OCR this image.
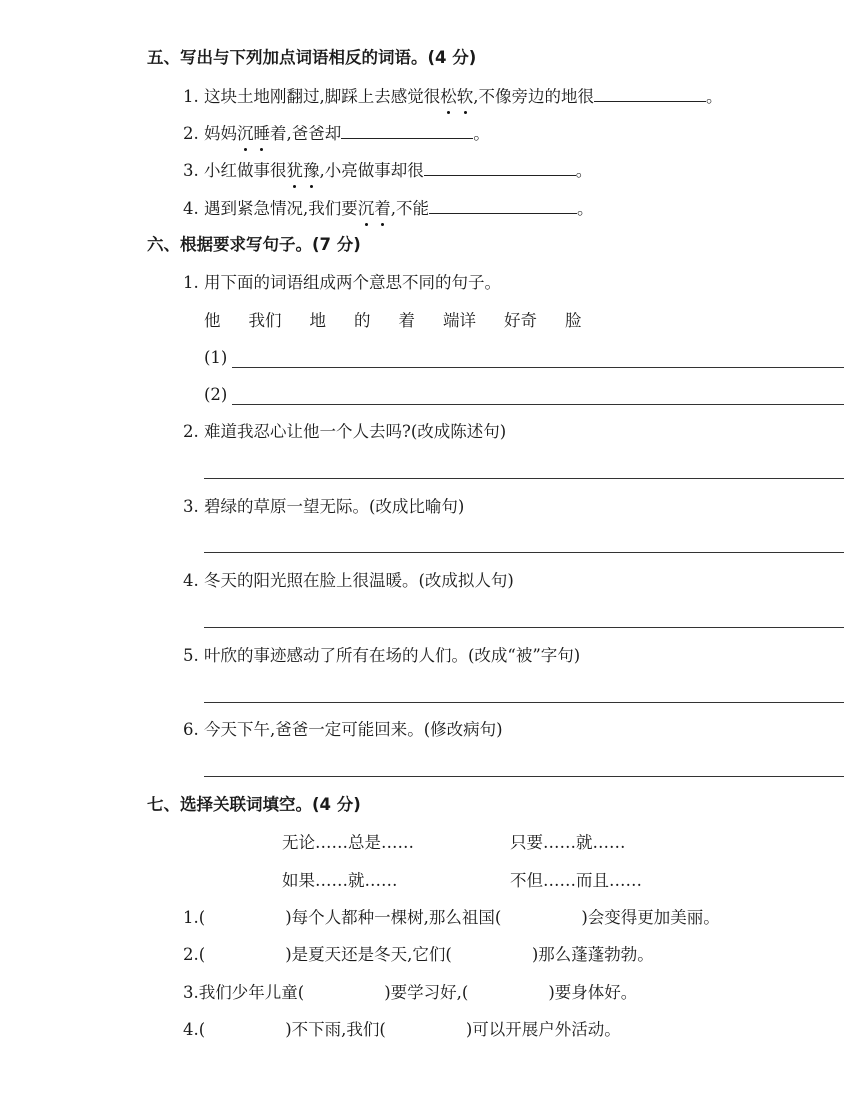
五、写出与下列加点词语相反的词语。(4 分)
1. 这块土地刚翻过,脚踩上去感觉很松软,不像旁边的地很	。
2. 妈妈沉睡着,爸爸却	。
3. 小红做事很犹豫,小亮做事却很	。
4. 遇到紧急情况,我们要沉着,不能	。
六、根据要求写句子。(7 分)
1. 用下面的词语组成两个意思不同的句子。
他 我们 地 的 着 端详 好奇 脸
(1)
(2)
2. 难道我忍心让他一个人去吗?(改成陈述句)
3. 碧绿的草原一望无际。(改成比喻句)
4. 冬天的阳光照在脸上很温暖。(改成拟人句)
5. 叶欣的事迹感动了所有在场的人们。(改成“被”字句)
6. 今天下午,爸爸一定可能回来。(修改病句)
七、选择关联词填空。(4 分)
无论……总是……	只要……就……
如果……就……	不但……而且……
1.(	)每个人都种一棵树,那么祖国(	)会变得更加美丽。
2.(	)是夏天还是冬天,它们(	)那么蓬蓬勃勃。
3.我们少年儿童(	)要学习好,(	)要身体好。
4.(	)不下雨,我们(	)可以开展户外活动。
